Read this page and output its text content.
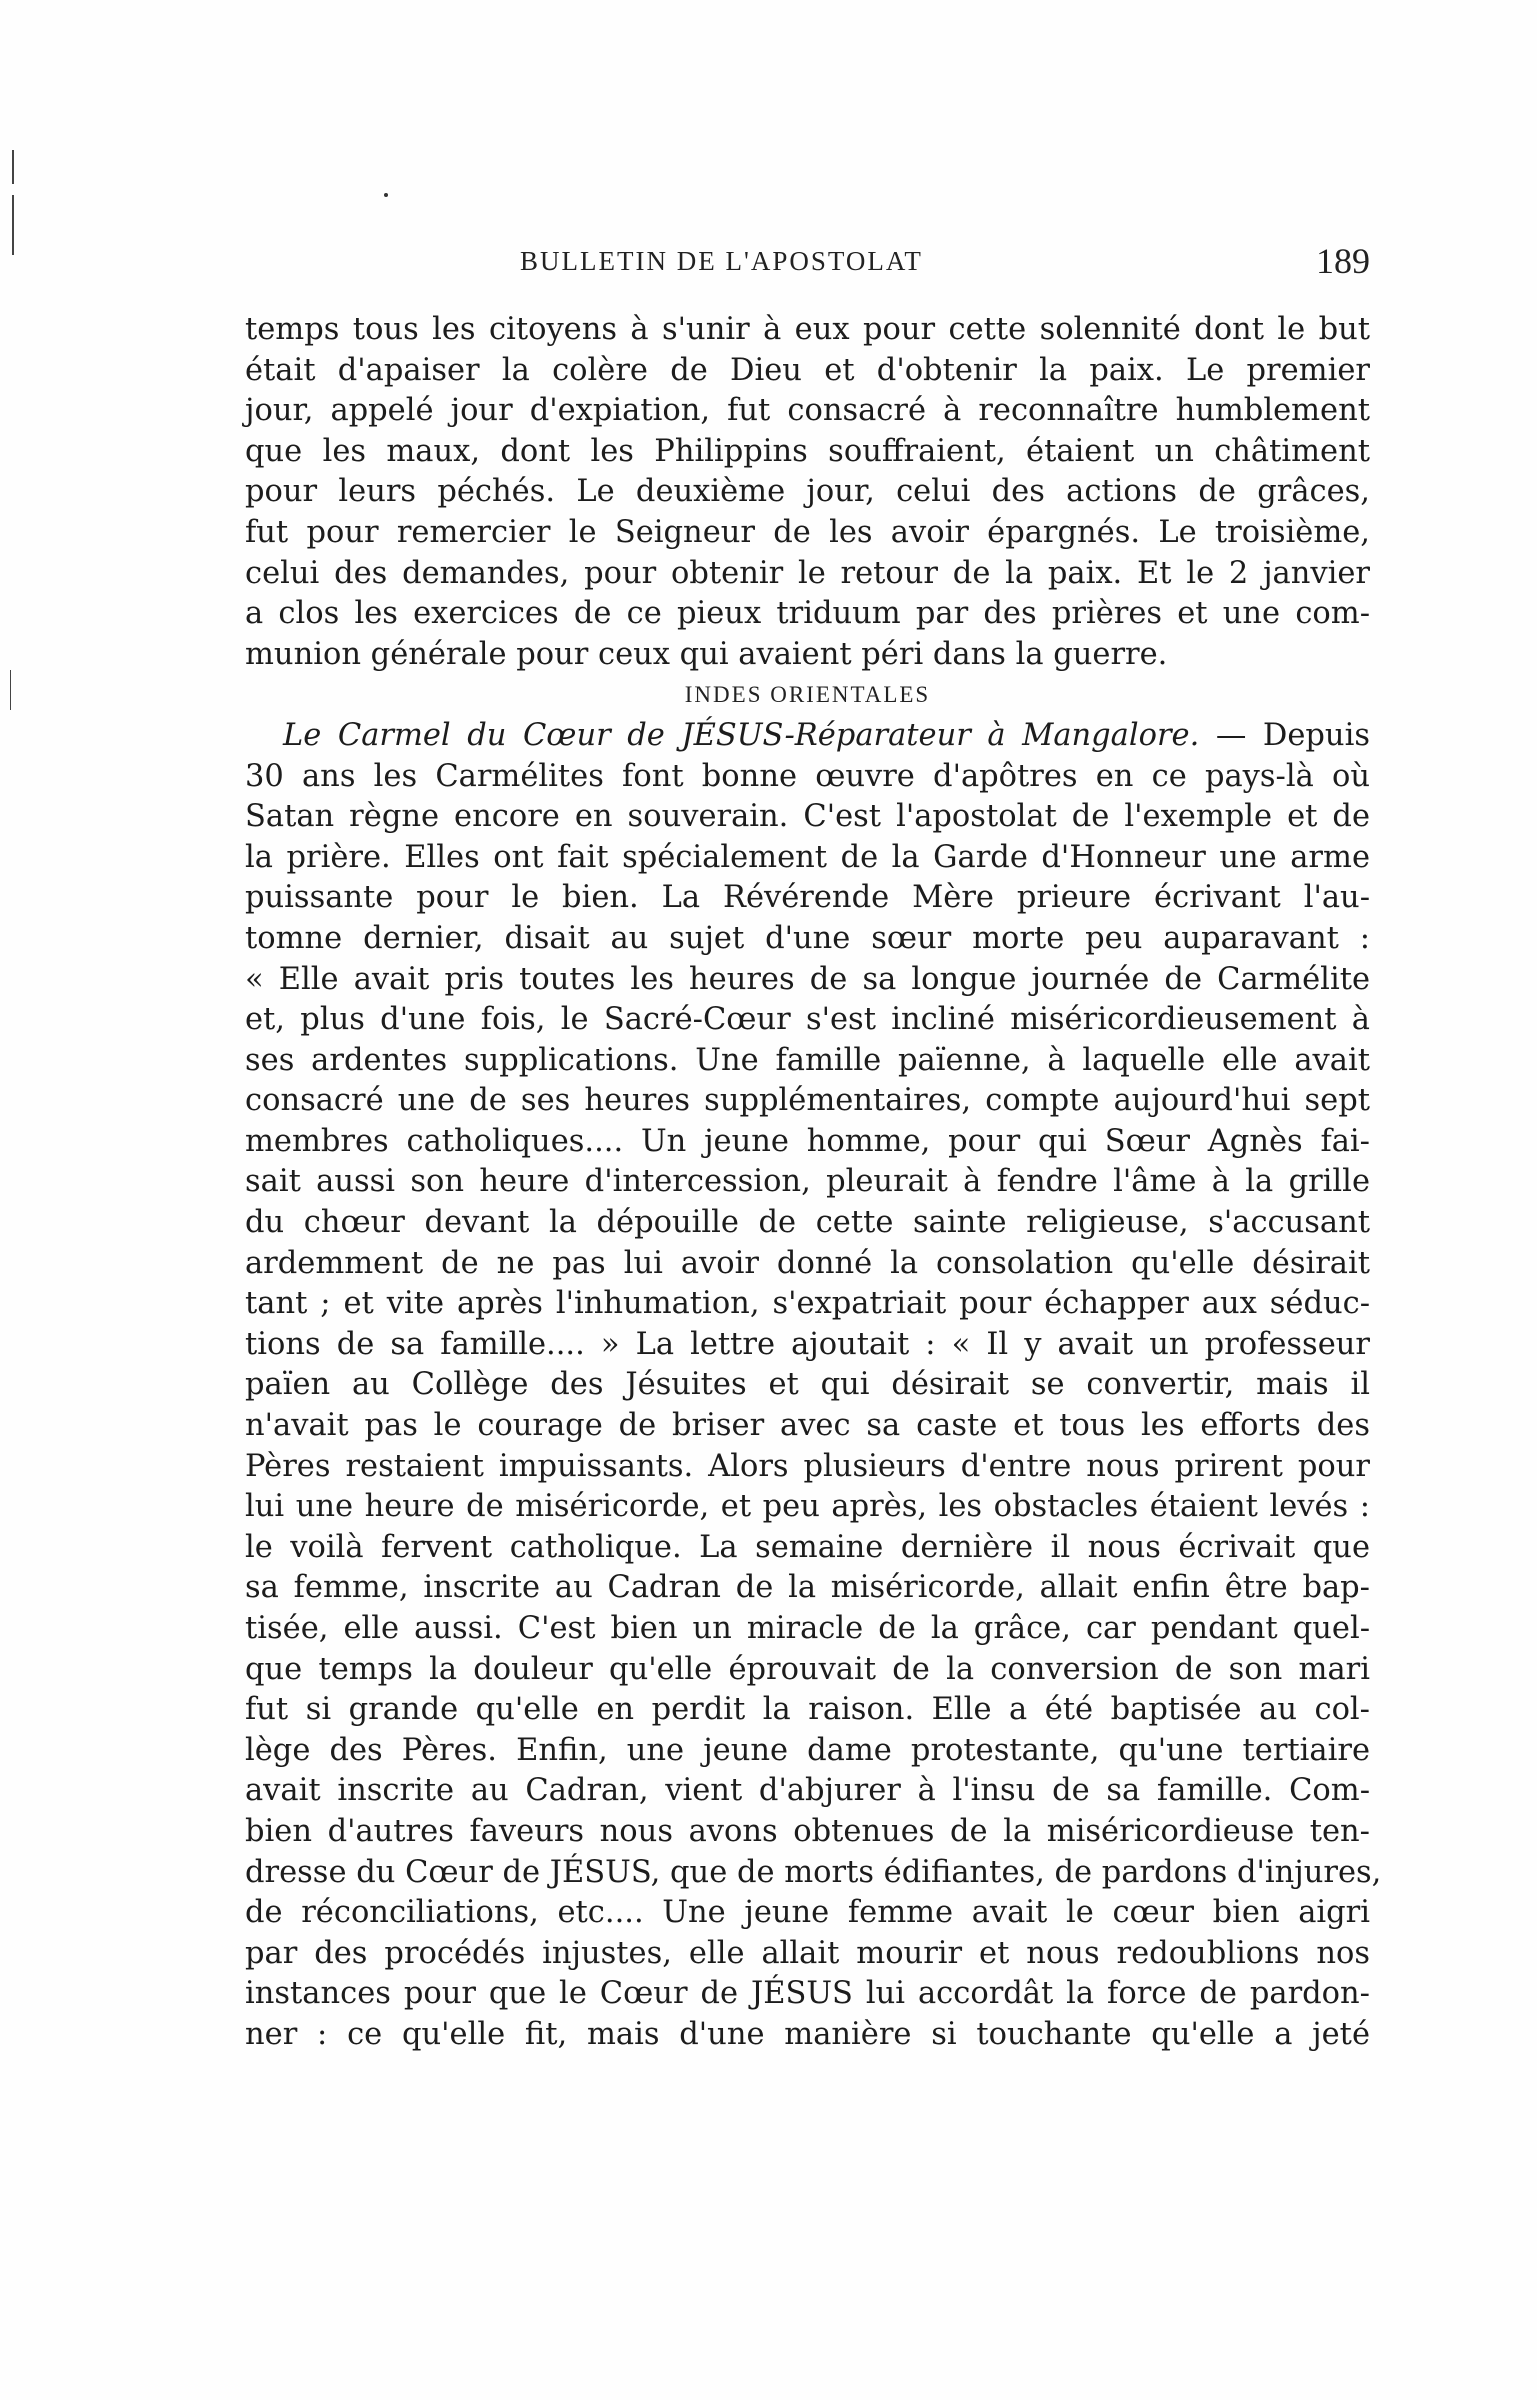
BULLETIN DE L'APOSTOLAT	189
temps tous les citoyens à s'unir à eux pour cette solennité dont le but
était d'apaiser la colère de Dieu et d'obtenir la paix. Le premier
jour, appelé jour d'expiation, fut consacré à reconnaître humblement
que les maux, dont les Philippins souffraient, étaient un châtiment
pour leurs péchés. Le deuxième jour, celui des actions de grâces,
fut pour remercier le Seigneur de les avoir épargnés. Le troisième,
celui des demandes, pour obtenir le retour de la paix. Et le 2 janvier
a clos les exercices de ce pieux triduum par des prières et une com-
munion générale pour ceux qui avaient péri dans la guerre.
INDES ORIENTALES
Le Carmel du Cœur de JÉSUS-Réparateur à Mangalore. — Depuis
30 ans les Carmélites font bonne œuvre d'apôtres en ce pays-là où
Satan règne encore en souverain. C'est l'apostolat de l'exemple et de
la prière. Elles ont fait spécialement de la Garde d'Honneur une arme
puissante pour le bien. La Révérende Mère prieure écrivant l'au-
tomne dernier, disait au sujet d'une sœur morte peu auparavant :
« Elle avait pris toutes les heures de sa longue journée de Carmélite
et, plus d'une fois, le Sacré-Cœur s'est incliné miséricordieusement à
ses ardentes supplications. Une famille païenne, à laquelle elle avait
consacré une de ses heures supplémentaires, compte aujourd'hui sept
membres catholiques.... Un jeune homme, pour qui Sœur Agnès fai-
sait aussi son heure d'intercession, pleurait à fendre l'âme à la grille
du chœur devant la dépouille de cette sainte religieuse, s'accusant
ardemment de ne pas lui avoir donné la consolation qu'elle désirait
tant ; et vite après l'inhumation, s'expatriait pour échapper aux séduc-
tions de sa famille.... » La lettre ajoutait : « Il y avait un professeur
païen au Collège des Jésuites et qui désirait se convertir, mais il
n'avait pas le courage de briser avec sa caste et tous les efforts des
Pères restaient impuissants. Alors plusieurs d'entre nous prirent pour
lui une heure de miséricorde, et peu après, les obstacles étaient levés :
le voilà fervent catholique. La semaine dernière il nous écrivait que
sa femme, inscrite au Cadran de la miséricorde, allait enfin être bap-
tisée, elle aussi. C'est bien un miracle de la grâce, car pendant quel-
que temps la douleur qu'elle éprouvait de la conversion de son mari
fut si grande qu'elle en perdit la raison. Elle a été baptisée au col-
lège des Pères. Enfin, une jeune dame protestante, qu'une tertiaire
avait inscrite au Cadran, vient d'abjurer à l'insu de sa famille. Com-
bien d'autres faveurs nous avons obtenues de la miséricordieuse ten-
dresse du Cœur de JÉSUS, que de morts édifiantes, de pardons d'injures,
de réconciliations, etc.... Une jeune femme avait le cœur bien aigri
par des procédés injustes, elle allait mourir et nous redoublions nos
instances pour que le Cœur de JÉSUS lui accordât la force de pardon-
ner : ce qu'elle fit, mais d'une manière si touchante qu'elle a jeté
